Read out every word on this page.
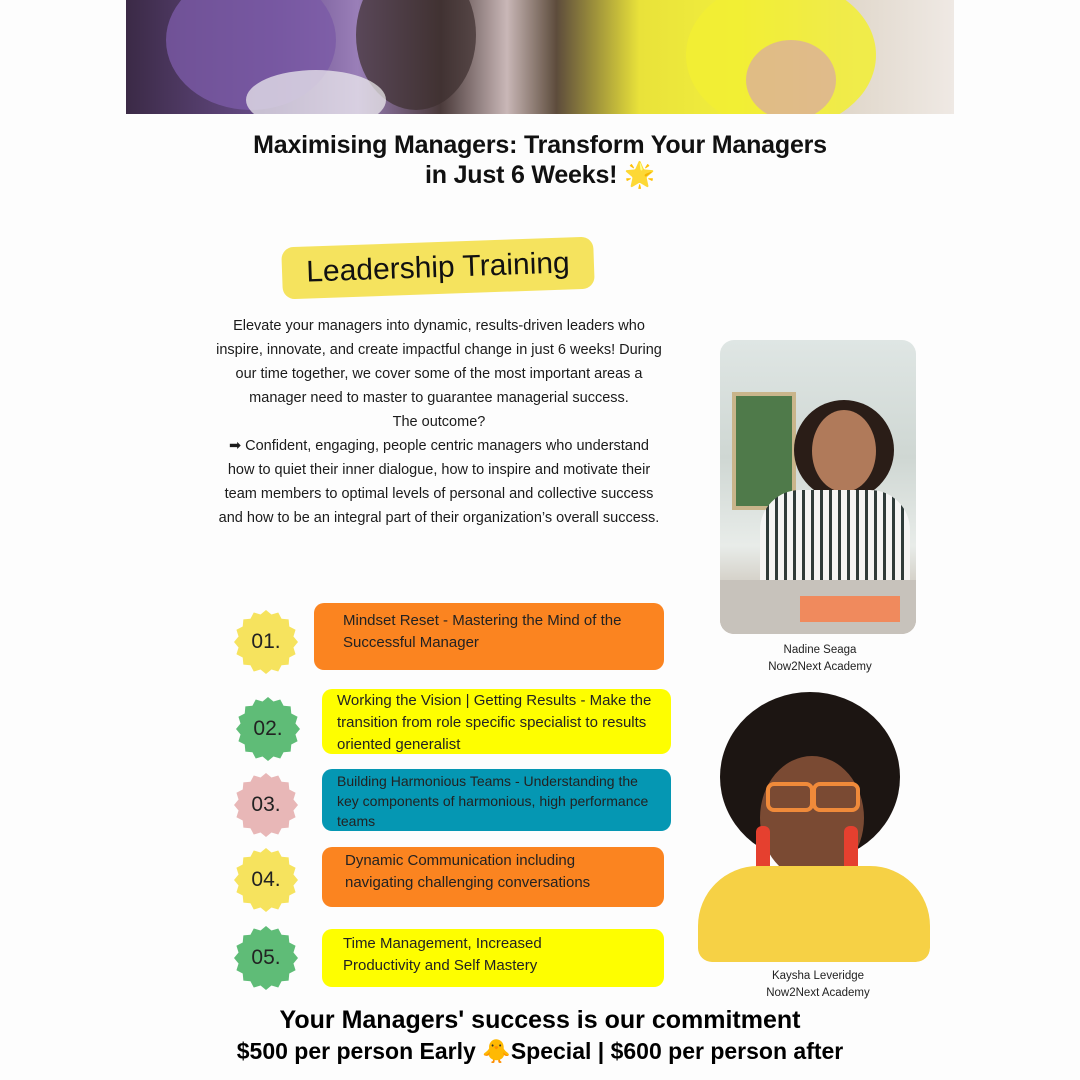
Maximising Managers: Transform Your Managers in Just 6 Weeks! 🌟
Leadership Training

Elevate your managers into dynamic, results-driven leaders who inspire, innovate, and create impactful change in just 6 weeks! During our time together, we cover some of the most important areas a manager need to master to guarantee managerial success.

The outcome?

➡ Confident, engaging, people centric managers who understand how to quiet their inner dialogue, how to inspire and motivate their team members to optimal levels of personal and collective success and how to be an integral part of their organization’s overall success.

01.
Mindset Reset - Mastering the Mind of the Successful Manager
02.
Working the Vision | Getting Results - Make the transition from role specific specialist to results oriented generalist
03.
Building Harmonious Teams - Understanding the key components of harmonious, high performance teams
04.
Dynamic Communication including navigating challenging conversations
05.
Time Management, Increased Productivity and Self Mastery
Nadine Seaga
Now2Next Academy
Kaysha Leveridge
Now2Next Academy
Your Managers' success is our commitment
$500 per person Early 🐥Special | $600 per person after
